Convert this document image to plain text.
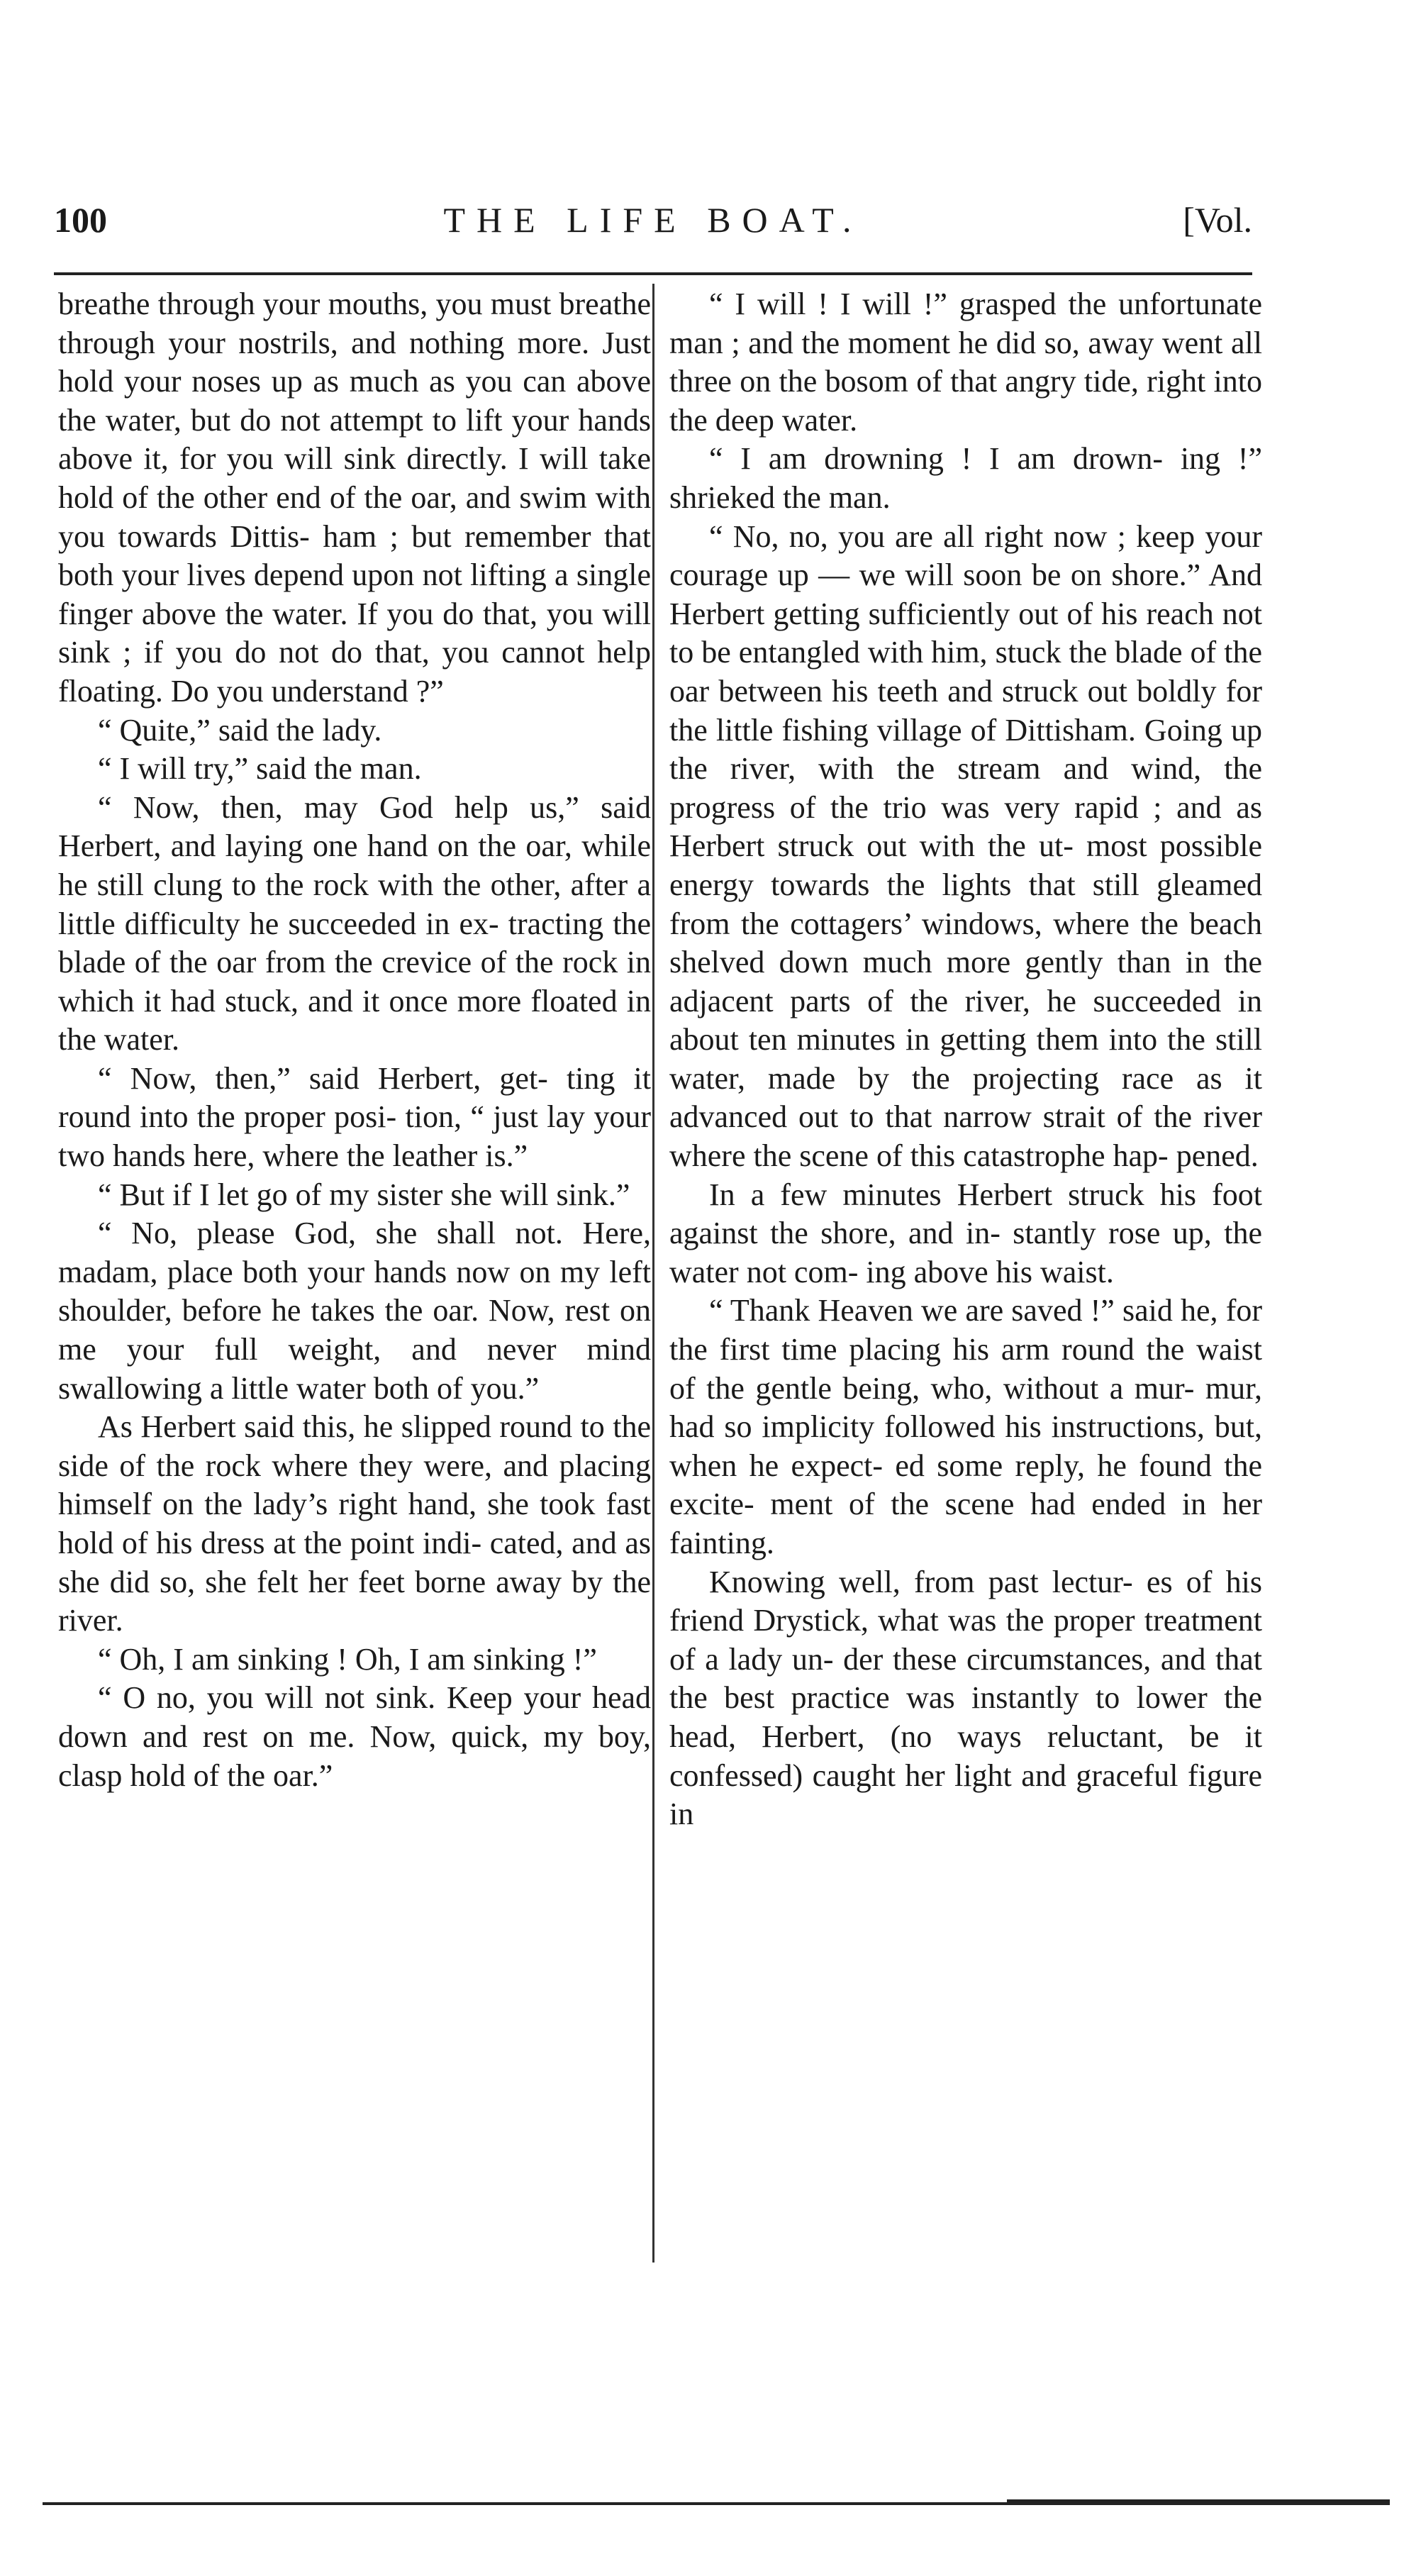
100	THE LIFE BOAT.	[Vol.

breathe through your mouths, you must breathe through your nostrils, and nothing more. Just hold your noses up as much as you can above the water, but do not attempt to lift your hands above it, for you will sink directly. I will take hold of the other end of the oar, and swim with you towards Dittis- ham ; but remember that both your lives depend upon not lifting a single finger above the water. If you do that, you will sink ; if you do not do that, you cannot help floating. Do you understand ?”

“ Quite,” said the lady.

“ I will try,” said the man.

“ Now, then, may God help us,” said Herbert, and laying one hand on the oar, while he still clung to the rock with the other, after a little difficulty he succeeded in ex- tracting the blade of the oar from the crevice of the rock in which it had stuck, and it once more floated in the water.

“ Now, then,” said Herbert, get- ting it round into the proper posi- tion, “ just lay your two hands here, where the leather is.”

“ But if I let go of my sister she will sink.”

“ No, please God, she shall not. Here, madam, place both your hands now on my left shoulder, before he takes the oar. Now, rest on me your full weight, and never mind swallowing a little water both of you.”

As Herbert said this, he slipped round to the side of the rock where they were, and placing himself on the lady’s right hand, she took fast hold of his dress at the point indi- cated, and as she did so, she felt her feet borne away by the river.

“ Oh, I am sinking ! Oh, I am sinking !”

“ O no, you will not sink. Keep your head down and rest on me. Now, quick, my boy, clasp hold of the oar.”

“ I will ! I will !” grasped the unfortunate man ; and the moment he did so, away went all three on the bosom of that angry tide, right into the deep water.

“ I am drowning ! I am drown- ing !” shrieked the man.

“ No, no, you are all right now ; keep your courage up — we will soon be on shore.” And Herbert getting sufficiently out of his reach not to be entangled with him, stuck the blade of the oar between his teeth and struck out boldly for the little fishing village of Dittisham. Going up the river, with the stream and wind, the progress of the trio was very rapid ; and as Herbert struck out with the ut- most possible energy towards the lights that still gleamed from the cottagers’ windows, where the beach shelved down much more gently than in the adjacent parts of the river, he succeeded in about ten minutes in getting them into the still water, made by the projecting race as it advanced out to that narrow strait of the river where the scene of this catastrophe hap- pened.

In a few minutes Herbert struck his foot against the shore, and in- stantly rose up, the water not com- ing above his waist.

“ Thank Heaven we are saved !” said he, for the first time placing his arm round the waist of the gentle being, who, without a mur- mur, had so implicity followed his instructions, but, when he expect- ed some reply, he found the excite- ment of the scene had ended in her fainting.

Knowing well, from past lectur- es of his friend Drystick, what was the proper treatment of a lady un- der these circumstances, and that the best practice was instantly to lower the head, Herbert, (no ways reluctant, be it confessed) caught her light and graceful figure in
